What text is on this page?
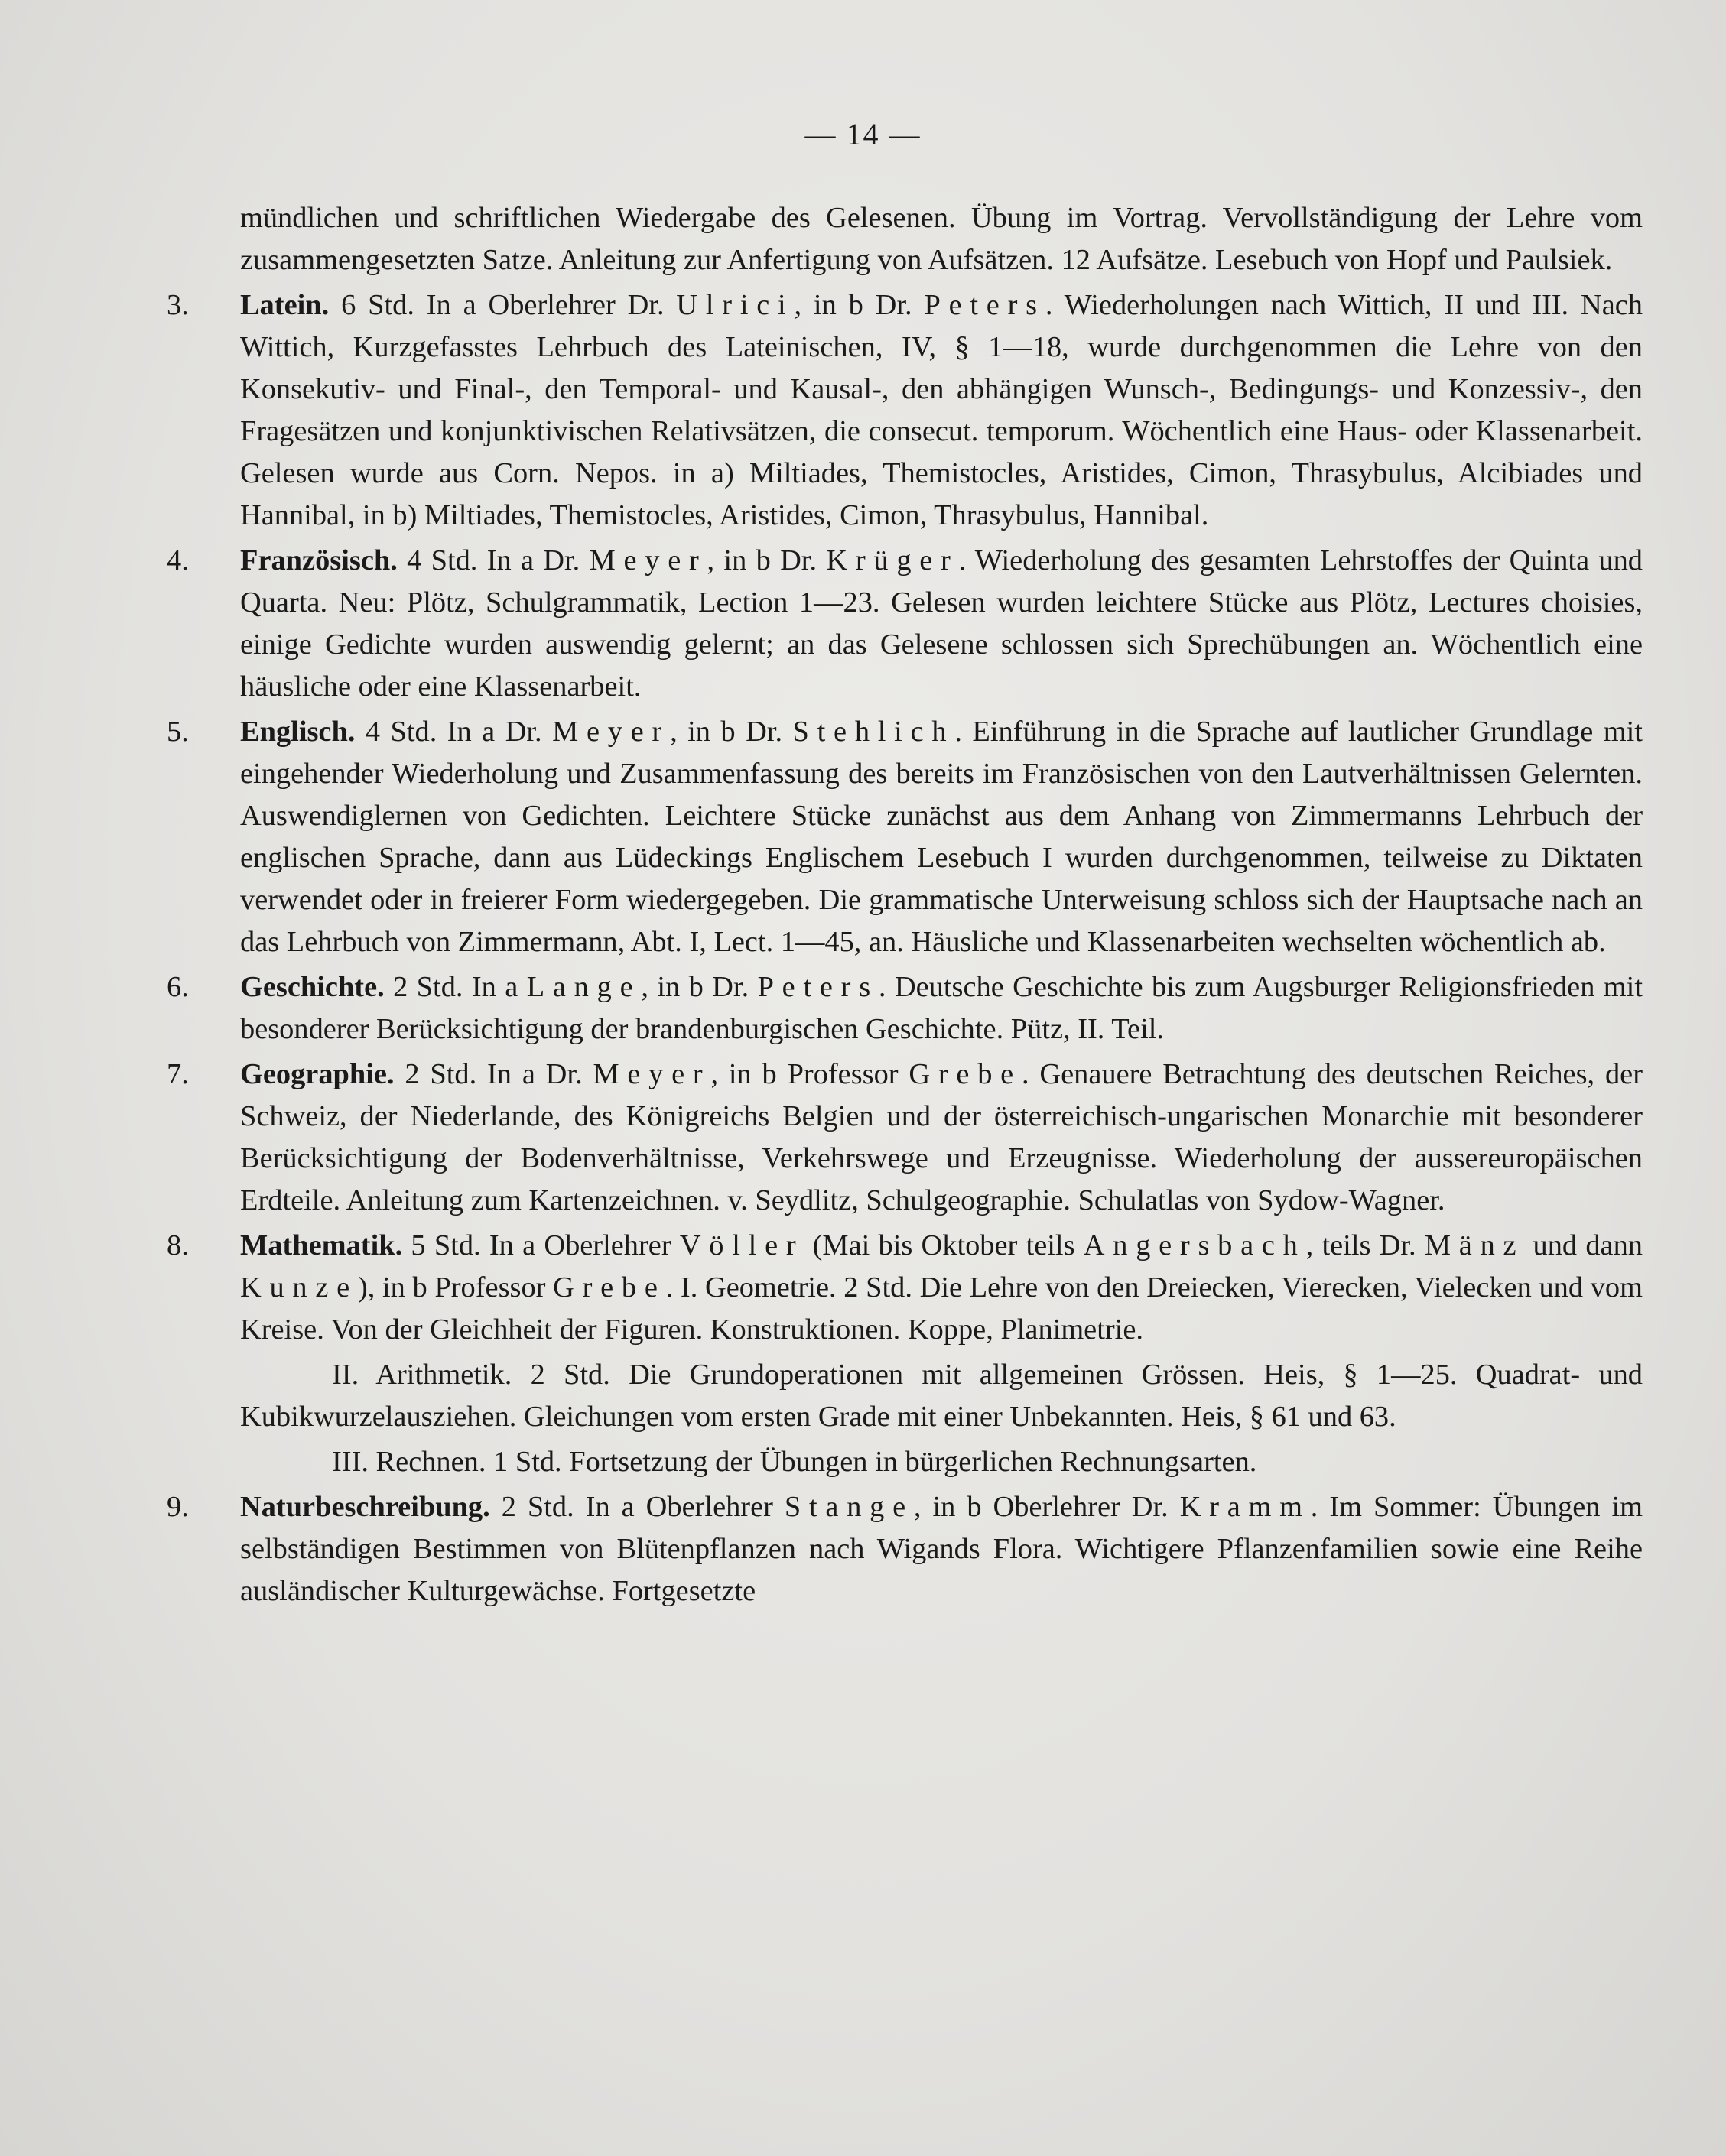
— 14 —

mündlichen und schriftlichen Wiedergabe des Gelesenen. Übung im Vortrag. Vervollständigung der Lehre vom zusammengesetzten Satze. Anleitung zur Anfertigung von Aufsätzen. 12 Aufsätze. Lesebuch von Hopf und Paulsiek.

3. Latein. 6 Std. In a Oberlehrer Dr. Ulrici, in b Dr. Peters. Wiederholungen nach Wittich, II und III. Nach Wittich, Kurzgefasstes Lehrbuch des Lateinischen, IV, § 1—18, wurde durchgenommen die Lehre von den Konsekutiv- und Final-, den Temporal- und Kausal-, den abhängigen Wunsch-, Bedingungs- und Konzessiv-, den Fragesätzen und konjunktivischen Relativsätzen, die consecut. temporum. Wöchentlich eine Haus- oder Klassenarbeit. Gelesen wurde aus Corn. Nepos. in a) Miltiades, Themistocles, Aristides, Cimon, Thrasybulus, Alcibiades und Hannibal, in b) Miltiades, Themistocles, Aristides, Cimon, Thrasybulus, Hannibal.

4. Französisch. 4 Std. In a Dr. Meyer, in b Dr. Krüger. Wiederholung des gesamten Lehrstoffes der Quinta und Quarta. Neu: Plötz, Schulgrammatik, Lection 1—23. Gelesen wurden leichtere Stücke aus Plötz, Lectures choisies, einige Gedichte wurden auswendig gelernt; an das Gelesene schlossen sich Sprechübungen an. Wöchentlich eine häusliche oder eine Klassenarbeit.

5. Englisch. 4 Std. In a Dr. Meyer, in b Dr. Stehlich. Einführung in die Sprache auf lautlicher Grundlage mit eingehender Wiederholung und Zusammenfassung des bereits im Französischen von den Lautverhältnissen Gelernten. Auswendiglernen von Gedichten. Leichtere Stücke zunächst aus dem Anhang von Zimmermanns Lehrbuch der englischen Sprache, dann aus Lüdeckings Englischem Lesebuch I wurden durchgenommen, teilweise zu Diktaten verwendet oder in freierer Form wiedergegeben. Die grammatische Unterweisung schloss sich der Hauptsache nach an das Lehrbuch von Zimmermann, Abt. I, Lect. 1—45, an. Häusliche und Klassenarbeiten wechselten wöchentlich ab.

6. Geschichte. 2 Std. In a Lange, in b Dr. Peters. Deutsche Geschichte bis zum Augsburger Religionsfrieden mit besonderer Berücksichtigung der brandenburgischen Geschichte. Pütz, II. Teil.

7. Geographie. 2 Std. In a Dr. Meyer, in b Professor Grebe. Genauere Betrachtung des deutschen Reiches, der Schweiz, der Niederlande, des Königreichs Belgien und der österreichisch-ungarischen Monarchie mit besonderer Berücksichtigung der Bodenverhältnisse, Verkehrswege und Erzeugnisse. Wiederholung der aussereuropäischen Erdteile. Anleitung zum Kartenzeichnen. v. Seydlitz, Schulgeographie. Schulatlas von Sydow-Wagner.

8. Mathematik. 5 Std. In a Oberlehrer Völler (Mai bis Oktober teils Angersbach, teils Dr. Mänz und dann Kunze), in b Professor Grebe. I. Geometrie. 2 Std. Die Lehre von den Dreiecken, Vierecken, Vielecken und vom Kreise. Von der Gleichheit der Figuren. Konstruktionen. Koppe, Planimetrie.

II. Arithmetik. 2 Std. Die Grundoperationen mit allgemeinen Grössen. Heis, § 1—25. Quadrat- und Kubikwurzelausziehen. Gleichungen vom ersten Grade mit einer Unbekannten. Heis, § 61 und 63.

III. Rechnen. 1 Std. Fortsetzung der Übungen in bürgerlichen Rechnungsarten.

9. Naturbeschreibung. 2 Std. In a Oberlehrer Stange, in b Oberlehrer Dr. Kramm. Im Sommer: Übungen im selbständigen Bestimmen von Blütenpflanzen nach Wigands Flora. Wichtigere Pflanzenfamilien sowie eine Reihe ausländischer Kulturgewächse. Fortgesetzte
